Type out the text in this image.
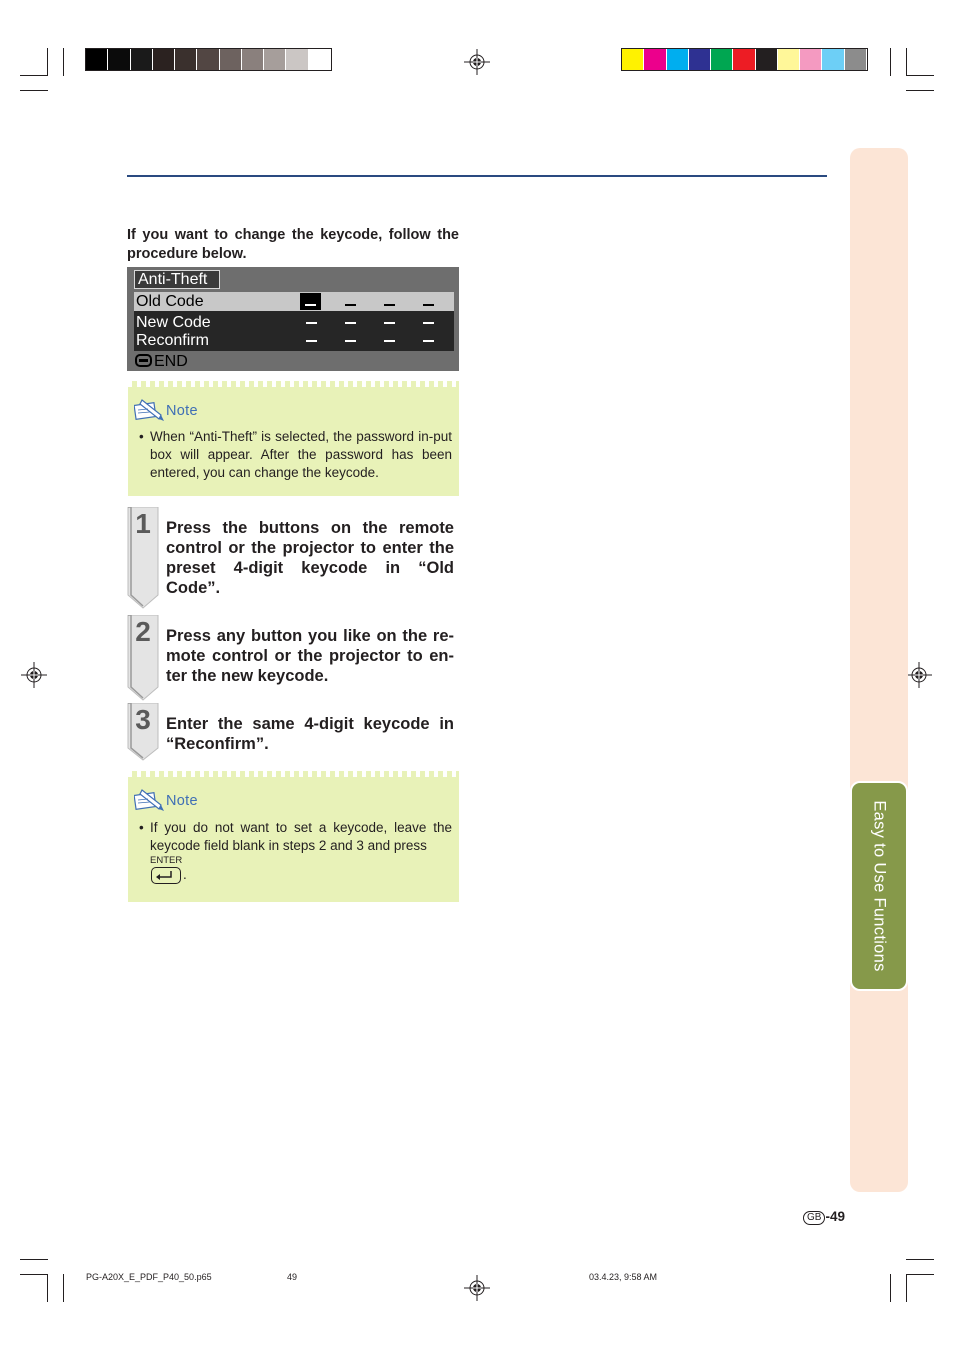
Easy to Use Functions
If you want to change the keycode, follow the procedure below.
Anti-Theft
Old Code
New Code
Reconfirm
END
Note
• When “Anti-Theft” is selected, the password in-put box will appear. After the password has been entered, you can change the keycode.
1 Press the buttons on the remote control or the projector to enter the preset 4-digit keycode in “Old Code”.
2 Press any button you like on the re-mote control or the projector to en-ter the new keycode.
3 Enter the same 4-digit keycode in “Reconfirm”.
Note
• If you do not want to set a keycode, leave the keycode field blank in steps 2 and 3 and press
ENTER
.
GB -49
PG-A20X_E_PDF_P40_50.p65	49	03.4.23, 9:58 AM
